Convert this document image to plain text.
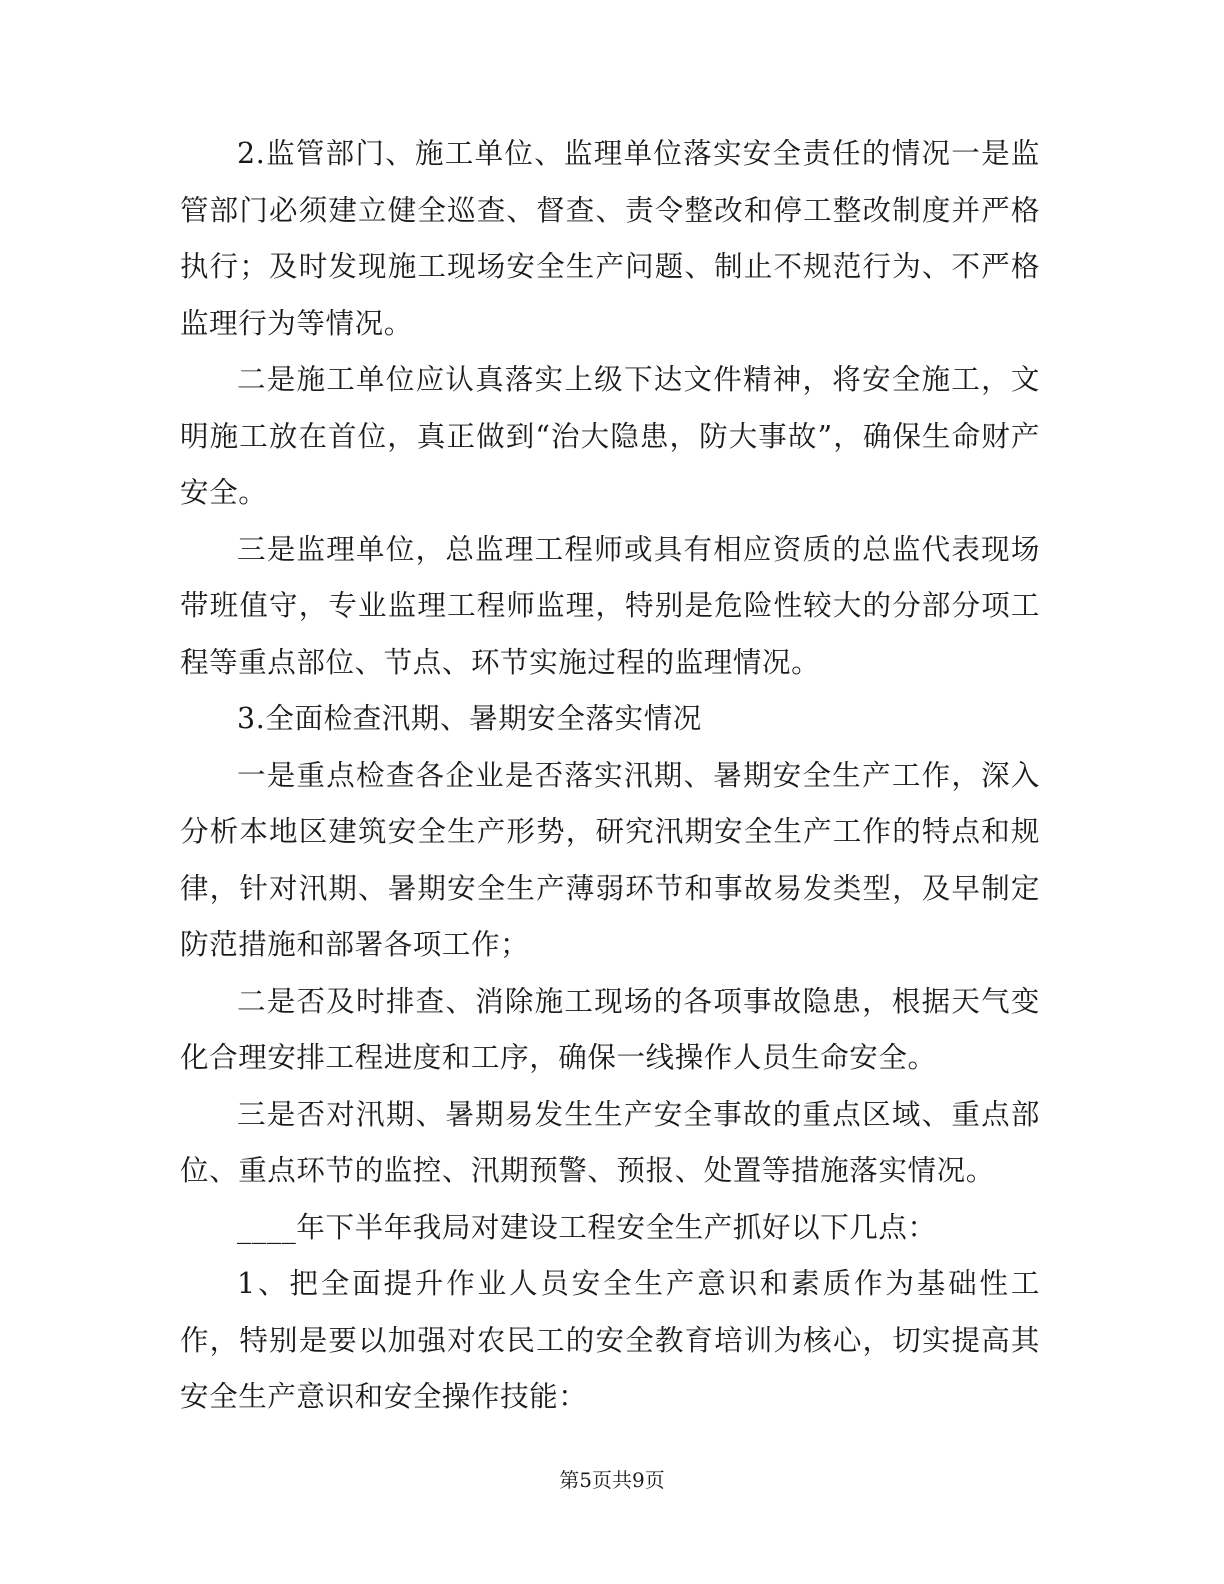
2.监管部门、施工单位、监理单位落实安全责任的情况一是监管部门必须建立健全巡查、督查、责令整改和停工整改制度并严格执行；及时发现施工现场安全生产问题、制止不规范行为、不严格监理行为等情况。

二是施工单位应认真落实上级下达文件精神，将安全施工，文明施工放在首位，真正做到“治大隐患，防大事故”，确保生命财产安全。

三是监理单位，总监理工程师或具有相应资质的总监代表现场带班值守，专业监理工程师监理，特别是危险性较大的分部分项工程等重点部位、节点、环节实施过程的监理情况。

3.全面检查汛期、暑期安全落实情况

一是重点检查各企业是否落实汛期、暑期安全生产工作，深入分析本地区建筑安全生产形势，研究汛期安全生产工作的特点和规律，针对汛期、暑期安全生产薄弱环节和事故易发类型，及早制定防范措施和部署各项工作；

二是否及时排查、消除施工现场的各项事故隐患，根据天气变化合理安排工程进度和工序，确保一线操作人员生命安全。

三是否对汛期、暑期易发生生产安全事故的重点区域、重点部位、重点环节的监控、汛期预警、预报、处置等措施落实情况。

____年下半年我局对建设工程安全生产抓好以下几点：

1、把全面提升作业人员安全生产意识和素质作为基础性工作，特别是要以加强对农民工的安全教育培训为核心，切实提高其安全生产意识和安全操作技能：

第5页共9页
